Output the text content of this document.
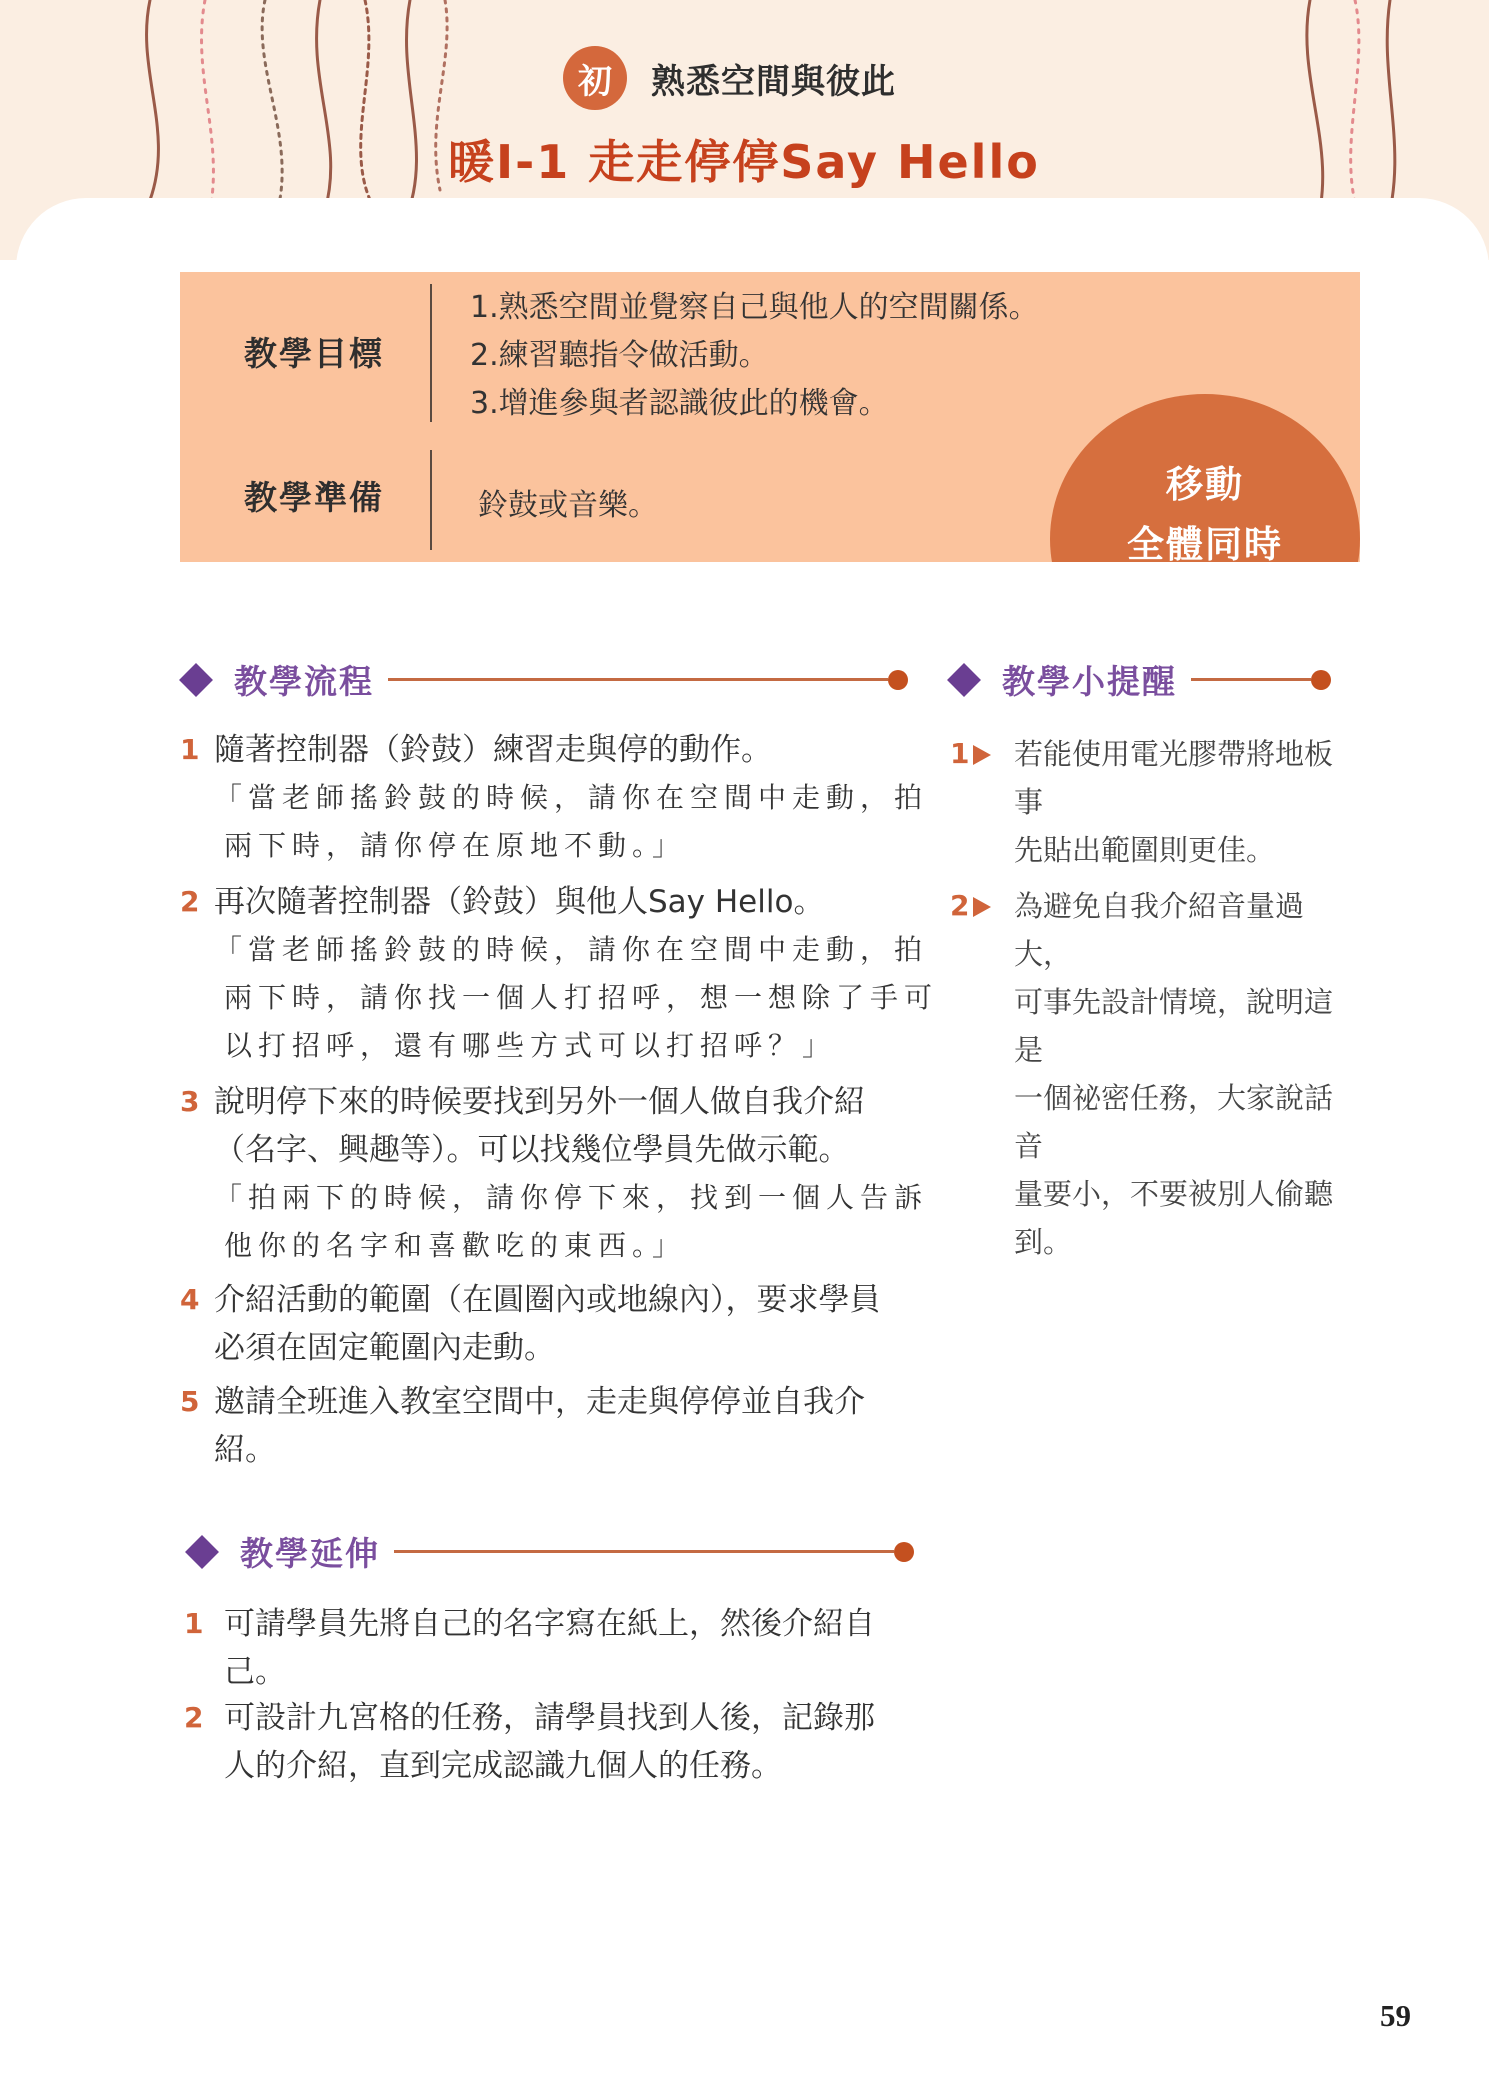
初	熟悉空間與彼此
暖I-1 走走停停Say Hello
教學目標
1.熟悉空間並覺察自己與他人的空間關係。
2.練習聽指令做活動。
3.增進參與者認識彼此的機會。
教學準備	鈴鼓或音樂。	移動
全體同時
教學流程
1 隨著控制器（鈴鼓）練習走與停的動作。
「當老師搖鈴鼓的時候，請你在空間中走動，拍
兩下時，請你停在原地不動。」
2 再次隨著控制器（鈴鼓）與他人Say Hello。
「當老師搖鈴鼓的時候，請你在空間中走動，拍
兩下時，請你找一個人打招呼，想一想除了手可
以打招呼，還有哪些方式可以打招呼？」
3 說明停下來的時候要找到另外一個人做自我介紹
（名字、興趣等）。可以找幾位學員先做示範。
「拍兩下的時候，請你停下來，找到一個人告訴
他你的名字和喜歡吃的東西。」
4 介紹活動的範圍（在圓圈內或地線內），要求學員
必須在固定範圍內走動。
5 邀請全班進入教室空間中，走走與停停並自我介
紹。
教學小提醒
1	若能使用電光膠帶將地板事
先貼出範圍則更佳。
2	為避免自我介紹音量過大，
可事先設計情境，說明這是
一個祕密任務，大家說話音
量要小，不要被別人偷聽
到。
教學延伸
1 可請學員先將自己的名字寫在紙上，然後介紹自
己。
2 可設計九宮格的任務，請學員找到人後，記錄那
人的介紹，直到完成認識九個人的任務。
59
